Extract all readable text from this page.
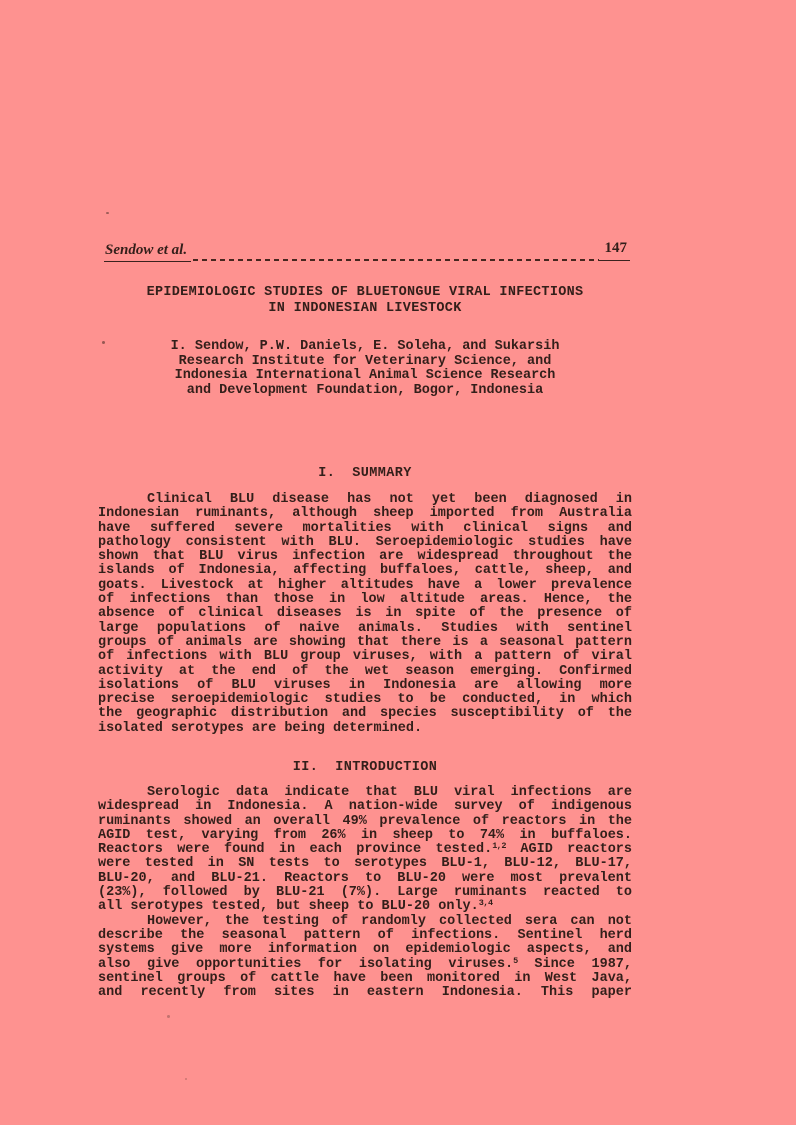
Sendow et al.	147
EPIDEMIOLOGIC STUDIES OF BLUETONGUE VIRAL INFECTIONS
IN INDONESIAN LIVESTOCK
I. Sendow, P.W. Daniels, E. Soleha, and Sukarsih
Research Institute for Veterinary Science, and
Indonesia International Animal Science Research
and Development Foundation, Bogor, Indonesia
I.  SUMMARY
Clinical BLU disease has not yet been diagnosed in
Indonesian ruminants, although sheep imported from Australia
have suffered severe mortalities with clinical signs and
pathology consistent with BLU. Seroepidemiologic studies have
shown that BLU virus infection are widespread throughout the
islands of Indonesia, affecting buffaloes, cattle, sheep, and
goats. Livestock at higher altitudes have a lower prevalence
of infections than those in low altitude areas. Hence, the
absence of clinical diseases is in spite of the presence of
large populations of naive animals. Studies with sentinel
groups of animals are showing that there is a seasonal pattern
of infections with BLU group viruses, with a pattern of viral
activity at the end of the wet season emerging. Confirmed
isolations of BLU viruses in Indonesia are allowing more
precise seroepidemiologic studies to be conducted, in which
the geographic distribution and species susceptibility of the
isolated serotypes are being determined.
II.  INTRODUCTION
Serologic data indicate that BLU viral infections are
widespread in Indonesia. A nation-wide survey of indigenous
ruminants showed an overall 49% prevalence of reactors in the
AGID test, varying from 26% in sheep to 74% in buffaloes.
Reactors were found in each province tested.$^{1,2}$ AGID reactors
were tested in SN tests to serotypes BLU-1, BLU-12, BLU-17,
BLU-20, and BLU-21. Reactors to BLU-20 were most prevalent
(23%), followed by BLU-21 (7%). Large ruminants reacted to
all serotypes tested, but sheep to BLU-20 only.$^{3,4}$
However, the testing of randomly collected sera can not
describe the seasonal pattern of infections. Sentinel herd
systems give more information on epidemiologic aspects, and
also give opportunities for isolating viruses.$^5$ Since 1987,
sentinel groups of cattle have been monitored in West Java,
and recently from sites in eastern Indonesia. This paper
